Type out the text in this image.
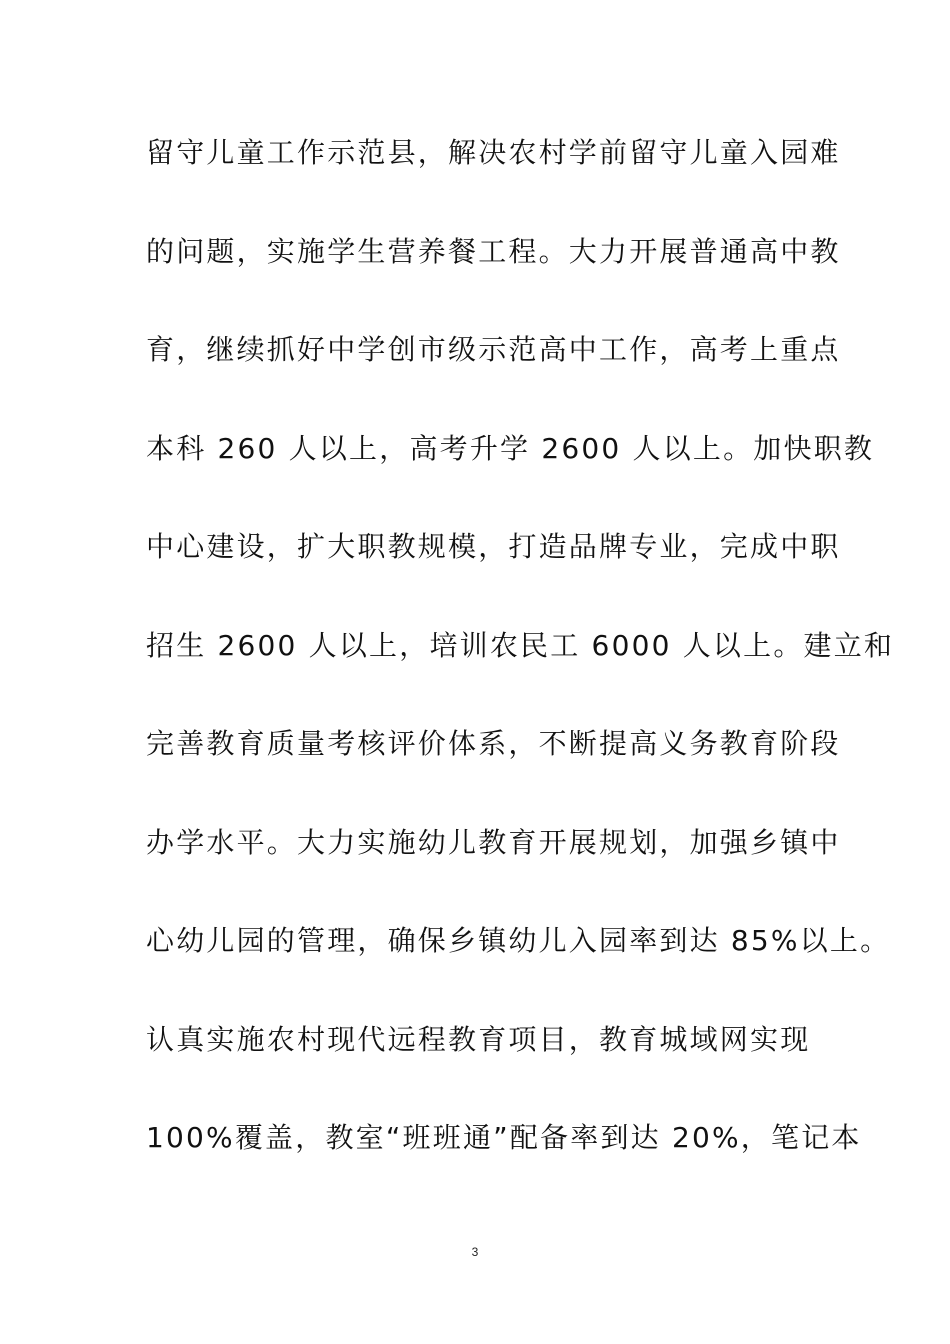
留守儿童工作示范县，解决农村学前留守儿童入园难
的问题，实施学生营养餐工程。大力开展普通高中教
育，继续抓好中学创市级示范高中工作，高考上重点
本科 260 人以上，高考升学 2600 人以上。加快职教
中心建设，扩大职教规模，打造品牌专业，完成中职
招生 2600 人以上，培训农民工 6000 人以上。建立和
完善教育质量考核评价体系，不断提高义务教育阶段
办学水平。大力实施幼儿教育开展规划，加强乡镇中
心幼儿园的管理，确保乡镇幼儿入园率到达 85%以上。
认真实施农村现代远程教育项目，教育城域网实现
100%覆盖，教室“班班通”配备率到达 20%，笔记本
3
